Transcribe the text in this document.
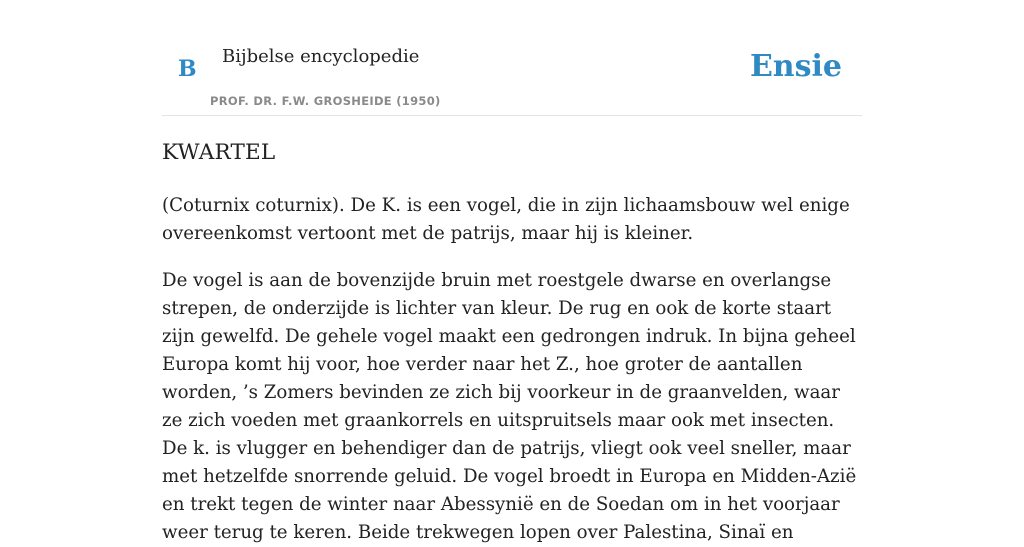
B Bijbelse encyclopedie
PROF. DR. F.W. GROSHEIDE (1950)
Ensie
KWARTEL

(Coturnix coturnix). De K. is een vogel, die in zijn lichaamsbouw wel enige overeenkomst vertoont met de patrijs, maar hij is kleiner.

De vogel is aan de bovenzijde bruin met roestgele dwarse en overlangse strepen, de onderzijde is lichter van kleur. De rug en ook de korte staart zijn gewelfd. De gehele vogel maakt een gedrongen indruk. In bijna geheel Europa komt hij voor, hoe verder naar het Z., hoe groter de aantallen worden, ’s Zomers bevinden ze zich bij voorkeur in de graanvelden, waar ze zich voeden met graankorrels en uitspruitsels maar ook met insecten. De k. is vlugger en behendiger dan de patrijs, vliegt ook veel sneller, maar met hetzelfde snorrende geluid. De vogel broedt in Europa en Midden-Azië en trekt tegen de winter naar Abessynië en de Soedan om in het voorjaar weer terug te keren. Beide trekwegen lopen over Palestina, Sinaï en
